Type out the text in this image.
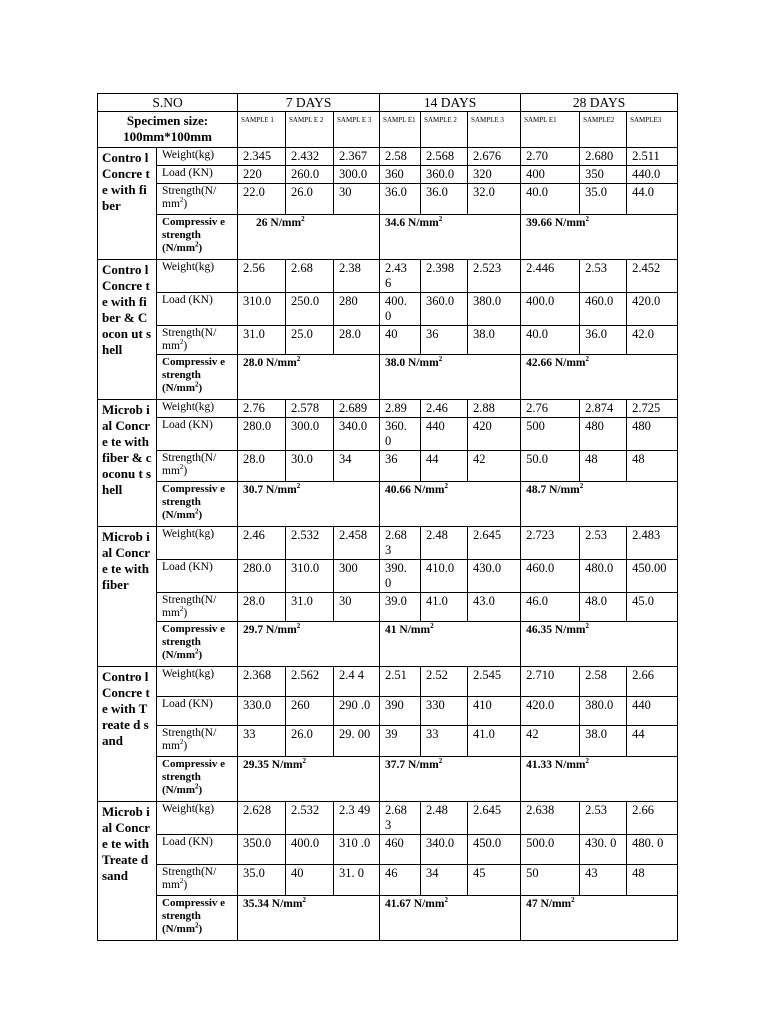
S.NO		7 DAYS			14 DAYS			28 DAYS		
Specimen size: 100mm*100mm		SAMPLE 1	SAMPL E 2	SAMPL E 3	SAMPL E1	SAMPLE 2	SAMPLE 3	SAMPL E1	SAMPLE2	SAMPLE3
Contro l Concre te with fiber	Weight(kg)	2.345	2.432	2.367	2.58	2.568	2.676	2.70	2.680	2.511
	Load (KN)	220	260.0	300.0	360	360.0	320	400	350	440.0
	Strength(N/ $mm^2$)	22.0	26.0	30	36.0	36.0	32.0	40.0	35.0	44.0
	Compressiv e strength $(N/mm^2)$	26 $N/mm^2$			34.6 $N/mm^2$			39.66 $N/mm^2$
Contro l Concre te with fiber & Cocon ut shell	Weight(kg)	2.56	2.68	2.38	2.43 6	2.398	2.523	2.446	2.53	2.452
	Load (KN)	310.0	250.0	280	400. 0	360.0	380.0	400.0	460.0	420.0
	Strength(N/ $mm^2$)	31.0	25.0	28.0	40	36	38.0	40.0	36.0	42.0
	Compressiv e strength $(N/mm^2)$	28.0 $N/mm^2$			38.0 $N/mm^2$			42.66 $N/mm^2$
Microb ial Concre te with fiber & coconu t shell	Weight(kg)	2.76	2.578	2.689	2.89	2.46	2.88	2.76	2.874	2.725
	Load (KN)	280.0	300.0	340.0	360. 0	440	420	500	480	480
	Strength(N/ $mm^2$)	28.0	30.0	34	36	44	42	50.0	48	48
	Compressiv e strength $(N/mm^2)$	30.7 $N/mm^2$			40.66 $N/mm^2$			48.7 $N/mm^2$
Microb ial Concre te with fiber	Weight(kg)	2.46	2.532	2.458	2.68 3	2.48	2.645	2.723	2.53	2.483
	Load (KN)	280.0	310.0	300	390. 0	410.0	430.0	460.0	480.0	450.00
	Strength(N/ $mm^2$)	28.0	31.0	30	39.0	41.0	43.0	46.0	48.0	45.0
	Compressiv e strength $(N/mm^2)$	29.7 $N/mm^2$			41 $N/mm^2$			46.35 $N/mm^2$
Contro l Concre te with Treate d sand	Weight(kg)	2.368	2.562	2.4 4	2.51	2.52	2.545	2.710	2.58	2.66
	Load (KN)	330.0	260	290 .0	390	330	410	420.0	380.0	440
	Strength(N/ $mm^2$)	33	26.0	29. 00	39	33	41.0	42	38.0	44
	Compressiv e strength $(N/mm^2)$	29.35 $N/mm^2$			37.7 $N/mm^2$			41.33 $N/mm^2$
Microb ial Concre te with Treate d sand	Weight(kg)	2.628	2.532	2.3 49	2.68 3	2.48	2.645	2.638	2.53	2.66
	Load (KN)	350.0	400.0	310 .0	460	340.0	450.0	500.0	430. 0	480. 0
	Strength(N/ $mm^2$)	35.0	40	31. 0	46	34	45	50	43	48
	Compressiv e strength $(N/mm^2)$	35.34 $N/mm^2$			41.67 $N/mm^2$			47 $N/mm^2$
